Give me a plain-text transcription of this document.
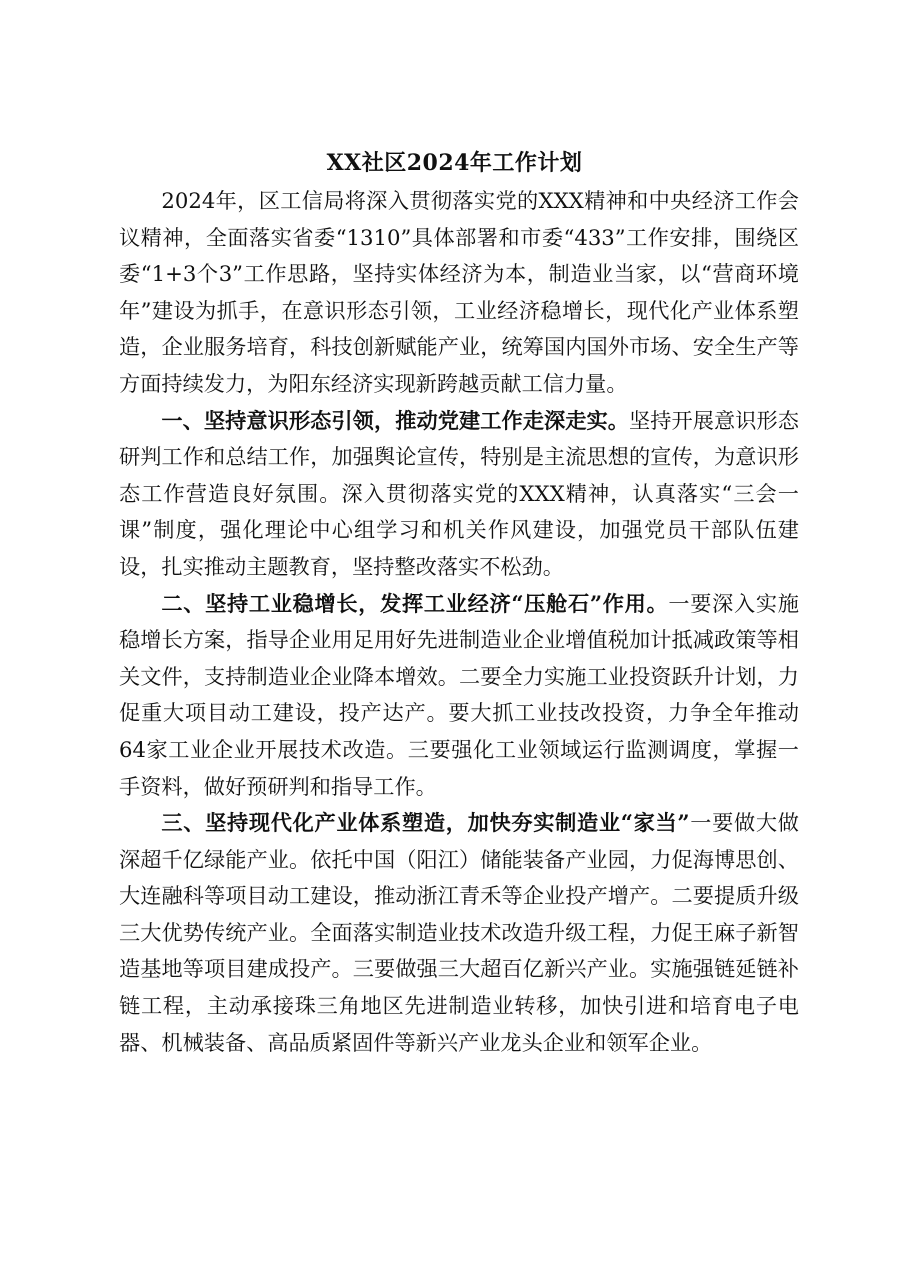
XX社区2024年工作计划

2024年，区工信局将深入贯彻落实党的XXX精神和中央经济工作会议精神，全面落实省委“1310”具体部署和市委“433”工作安排，围绕区委“1+3个3”工作思路，坚持实体经济为本，制造业当家，以“营商环境年”建设为抓手，在意识形态引领，工业经济稳增长，现代化产业体系塑造，企业服务培育，科技创新赋能产业，统筹国内国外市场、安全生产等方面持续发力，为阳东经济实现新跨越贡献工信力量。

一、坚持意识形态引领，推动党建工作走深走实。坚持开展意识形态研判工作和总结工作，加强舆论宣传，特别是主流思想的宣传，为意识形态工作营造良好氛围。深入贯彻落实党的XXX精神，认真落实“三会一课”制度，强化理论中心组学习和机关作风建设，加强党员干部队伍建设，扎实推动主题教育，坚持整改落实不松劲。

二、坚持工业稳增长，发挥工业经济“压舱石”作用。一要深入实施稳增长方案，指导企业用足用好先进制造业企业增值税加计抵减政策等相关文件，支持制造业企业降本增效。二要全力实施工业投资跃升计划，力促重大项目动工建设，投产达产。要大抓工业技改投资，力争全年推动64家工业企业开展技术改造。三要强化工业领域运行监测调度，掌握一手资料，做好预研判和指导工作。

三、坚持现代化产业体系塑造，加快夯实制造业“家当”一要做大做深超千亿绿能产业。依托中国（阳江）储能装备产业园，力促海博思创、大连融科等项目动工建设，推动浙江青禾等企业投产增产。二要提质升级三大优势传统产业。全面落实制造业技术改造升级工程，力促王麻子新智造基地等项目建成投产。三要做强三大超百亿新兴产业。实施强链延链补链工程，主动承接珠三角地区先进制造业转移，加快引进和培育电子电器、机械装备、高品质紧固件等新兴产业龙头企业和领军企业。
